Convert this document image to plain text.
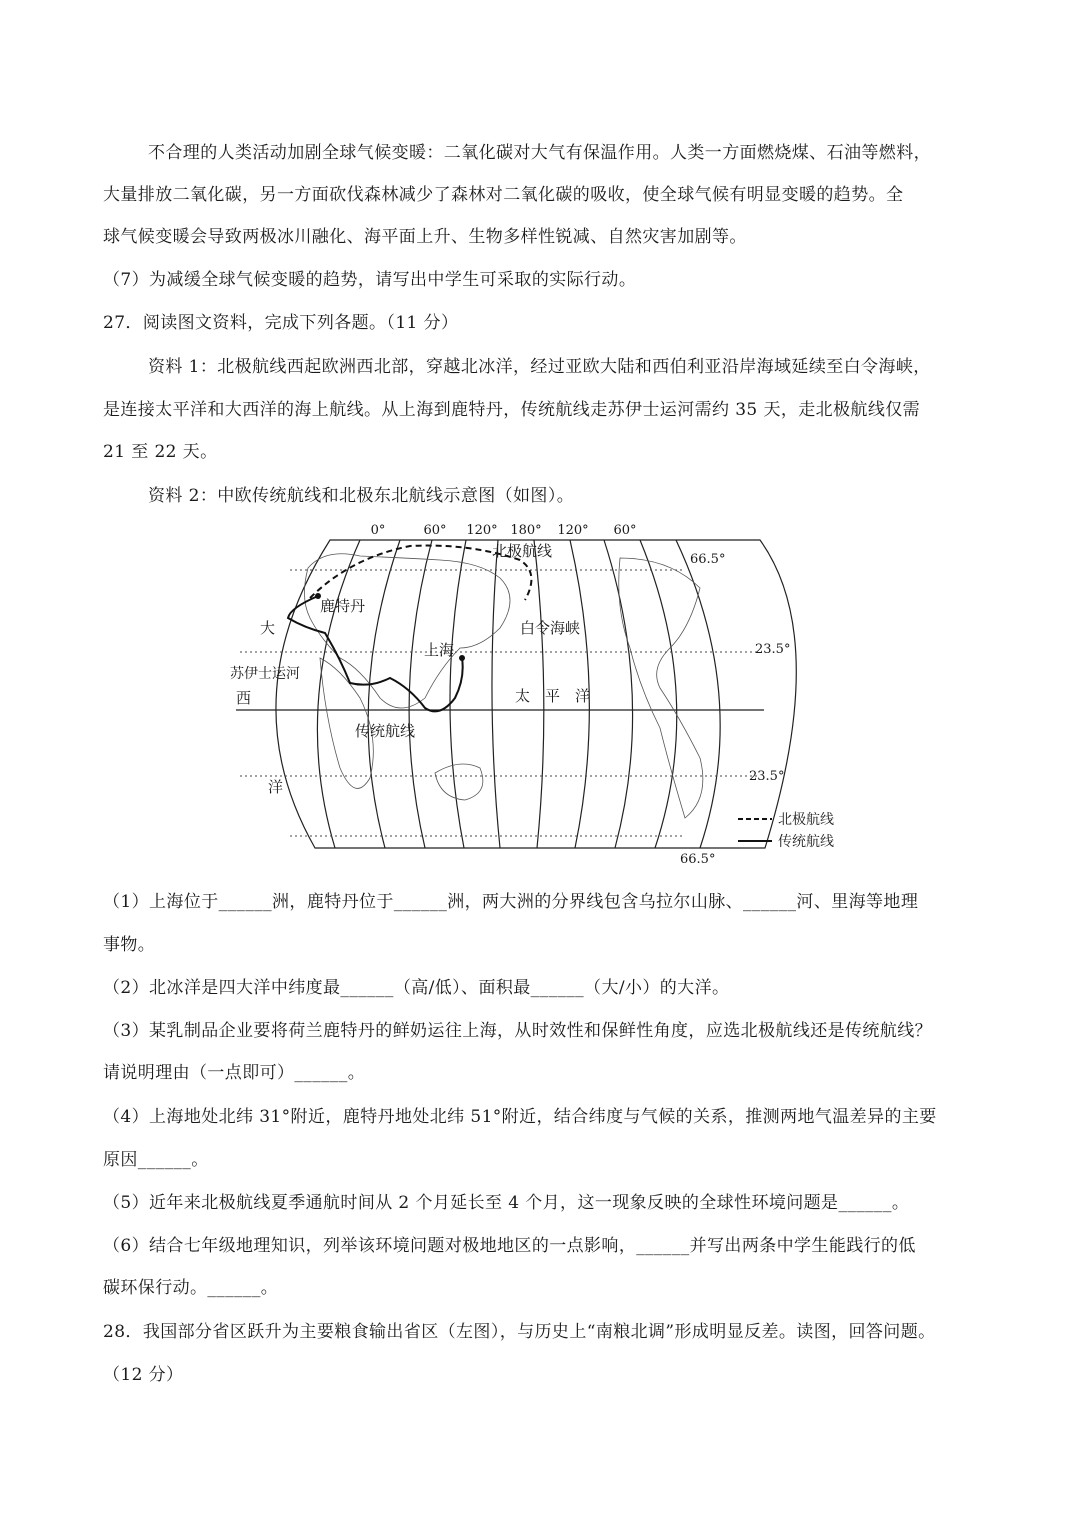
不合理的人类活动加剧全球气候变暖：二氧化碳对大气有保温作用。人类一方面燃烧煤、石油等燃料，
大量排放二氧化碳，另一方面砍伐森林减少了森林对二氧化碳的吸收，使全球气候有明显变暖的趋势。全
球气候变暖会导致两极冰川融化、海平面上升、生物多样性锐减、自然灾害加剧等。
（7）为减缓全球气候变暖的趋势，请写出中学生可采取的实际行动。
27．阅读图文资料，完成下列各题。（11 分）
资料 1：北极航线西起欧洲西北部，穿越北冰洋，经过亚欧大陆和西伯利亚沿岸海域延续至白令海峡，
是连接太平洋和大西洋的海上航线。从上海到鹿特丹，传统航线走苏伊士运河需约 35 天，走北极航线仅需
21 至 22 天。
资料 2：中欧传统航线和北极东北航线示意图（如图）。
0°	60° 120° 180° 120° 60°
66.5°
23.5°
23.5°
66.5°
北极航线
鹿特丹
白令海峡
上海
苏伊士运河
太　平　洋
传统航线
大
西
洋
北极航线
传统航线
（1）上海位于______洲，鹿特丹位于______洲，两大洲的分界线包含乌拉尔山脉、______河、里海等地理
事物。
（2）北冰洋是四大洋中纬度最______（高/低）、面积最______（大/小）的大洋。
（3）某乳制品企业要将荷兰鹿特丹的鲜奶运往上海，从时效性和保鲜性角度，应选北极航线还是传统航线？
请说明理由（一点即可）______。
（4）上海地处北纬 31°附近，鹿特丹地处北纬 51°附近，结合纬度与气候的关系，推测两地气温差异的主要
原因______。
（5）近年来北极航线夏季通航时间从 2 个月延长至 4 个月，这一现象反映的全球性环境问题是______。
（6）结合七年级地理知识，列举该环境问题对极地地区的一点影响，______并写出两条中学生能践行的低
碳环保行动。______。
28．我国部分省区跃升为主要粮食输出省区（左图），与历史上“南粮北调”形成明显反差。读图，回答问题。
（12 分）
